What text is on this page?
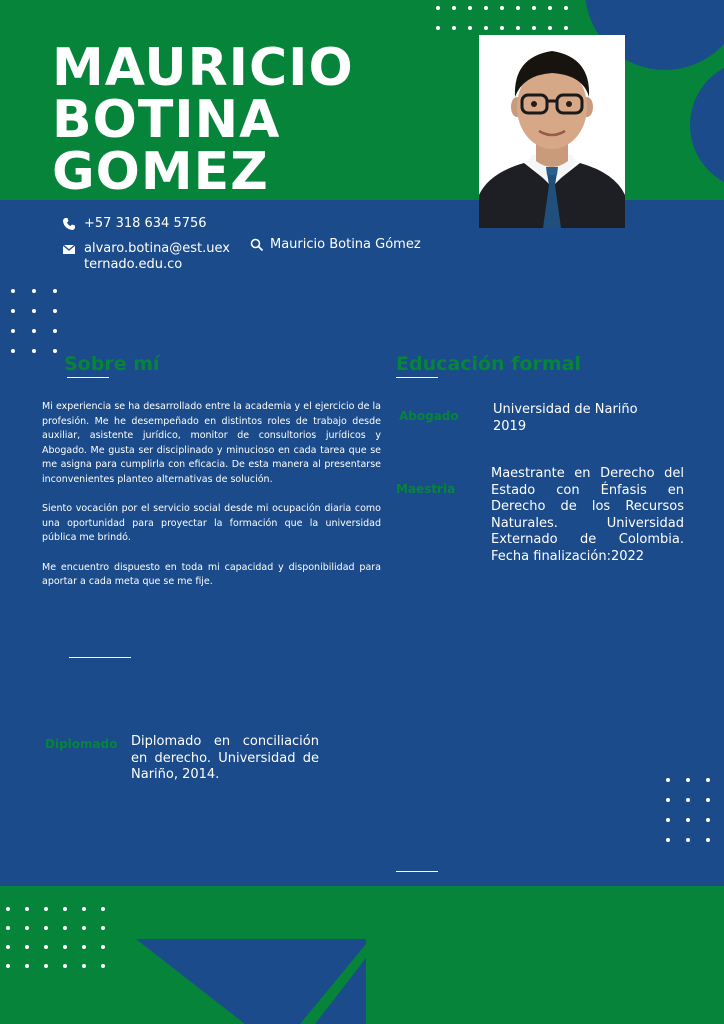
MAURICIO
BOTINA
GOMEZ
+57 318 634 5756
alvaro.botina@est.uex
ternado.edu.co
Mauricio Botina Gómez
Sobre mí

Mi experiencia se ha desarrollado entre la academia y el ejercicio de la profesión. Me he desempeñado en distintos roles de trabajo desde auxiliar, asistente jurídico, monitor de consultorios jurídicos y Abogado. Me gusta ser disciplinado y minucioso en cada tarea que se me asigna para cumplirla con eficacia. De esta manera al presentarse inconvenientes planteo alternativas de solución.

Siento vocación por el servicio social desde mi ocupación diaria como una oportunidad para proyectar la formación que la universidad pública me brindó.

Me encuentro dispuesto en toda mi capacidad y disponibilidad para aportar a cada meta que se me fije.

Educación formal
Abogado	Universidad de Nariño
2019
Maestria
Maestrante en Derecho del Estado con Énfasis en Derecho de los Recursos Naturales. Universidad Externado de Colombia. Fecha finalización:2022
Diplomado Diplomado en conciliación en derecho. Universidad de Nariño, 2014.
